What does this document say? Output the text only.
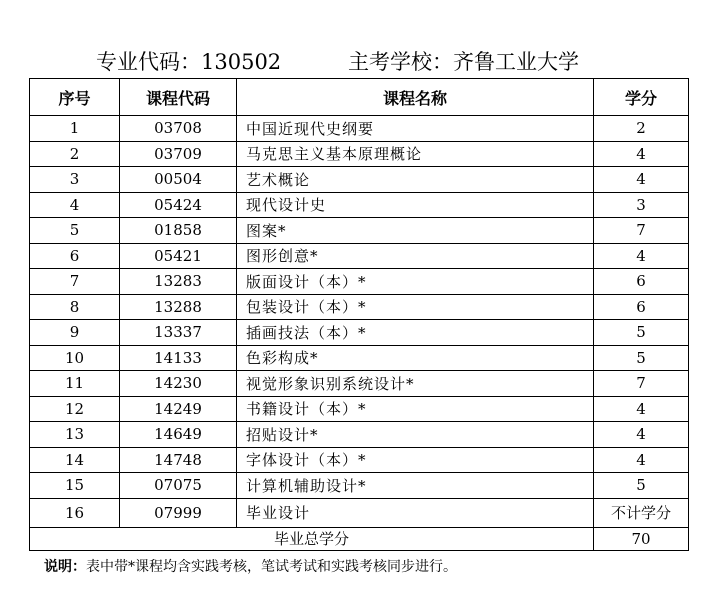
专业代码：130502	主考学校：齐鲁工业大学
序号	课程代码	课程名称	学分
1	03708	中国近现代史纲要	2
2	03709	马克思主义基本原理概论	4
3	00504	艺术概论	4
4	05424	现代设计史	3
5	01858	图案*	7
6	05421	图形创意*	4
7	13283	版面设计（本）*	6
8	13288	包装设计（本）*	6
9	13337	插画技法（本）*	5
10	14133	色彩构成*	5
11	14230	视觉形象识别系统设计*	7
12	14249	书籍设计（本）*	4
13	14649	招贴设计*	4
14	14748	字体设计（本）*	4
15	07075	计算机辅助设计*	5
16	07999	毕业设计	不计学分
毕业总学分			70
说明：表中带*课程均含实践考核，笔试考试和实践考核同步进行。
